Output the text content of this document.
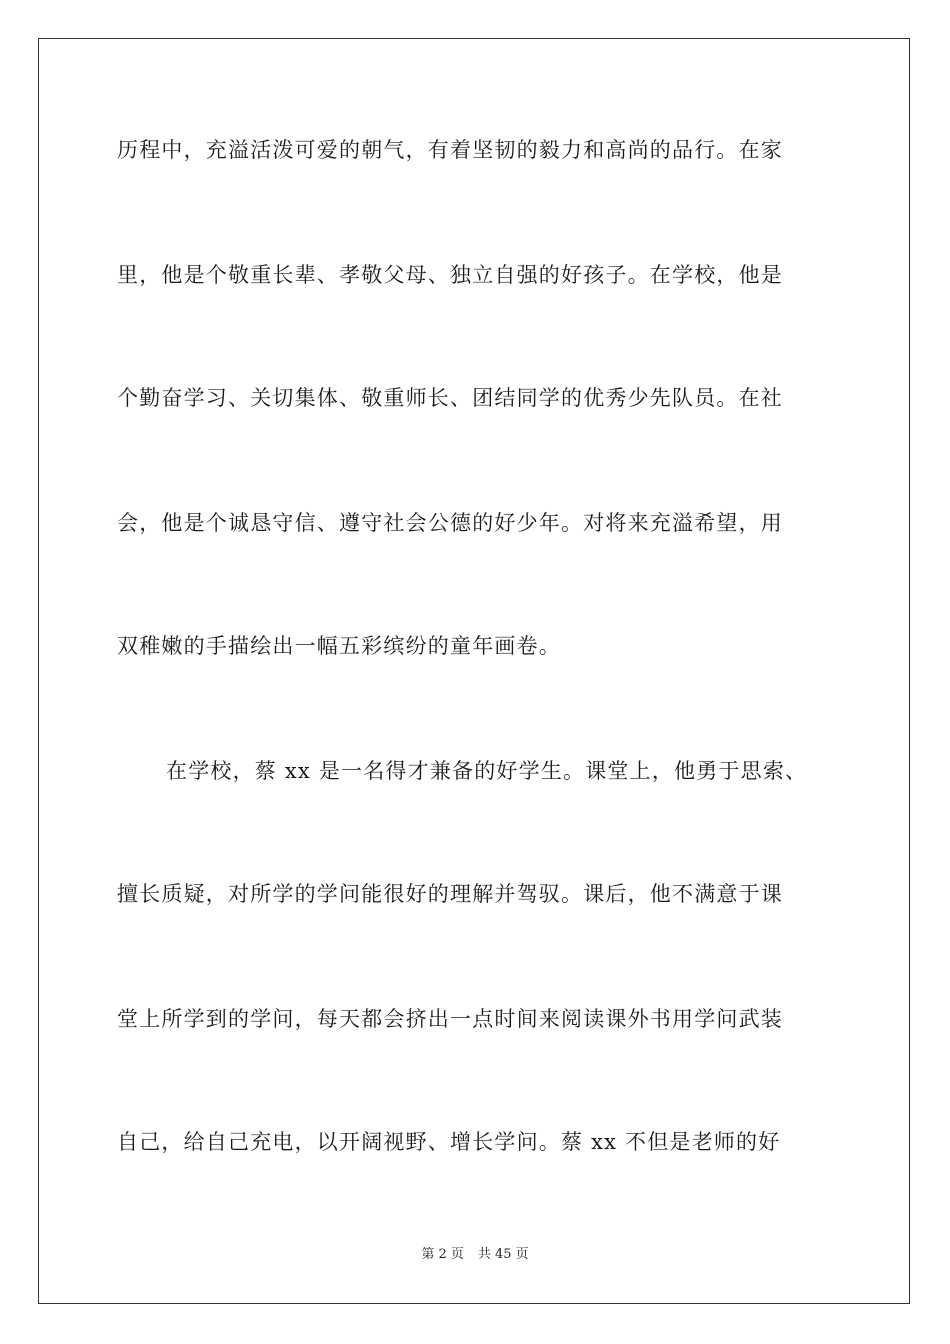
历程中，充溢活泼可爱的朝气，有着坚韧的毅力和高尚的品行。在家
里，他是个敬重长辈、孝敬父母、独立自强的好孩子。在学校，他是
个勤奋学习、关切集体、敬重师长、团结同学的优秀少先队员。在社
会，他是个诚恳守信、遵守社会公德的好少年。对将来充溢希望，用
双稚嫩的手描绘出一幅五彩缤纷的童年画卷。
在学校，蔡 xx 是一名得才兼备的好学生。课堂上，他勇于思索、
擅长质疑，对所学的学问能很好的理解并驾驭。课后，他不满意于课
堂上所学到的学问，每天都会挤出一点时间来阅读课外书用学问武装
自己，给自己充电，以开阔视野、增长学问。蔡 xx 不但是老师的好
第 2 页 共 45 页
